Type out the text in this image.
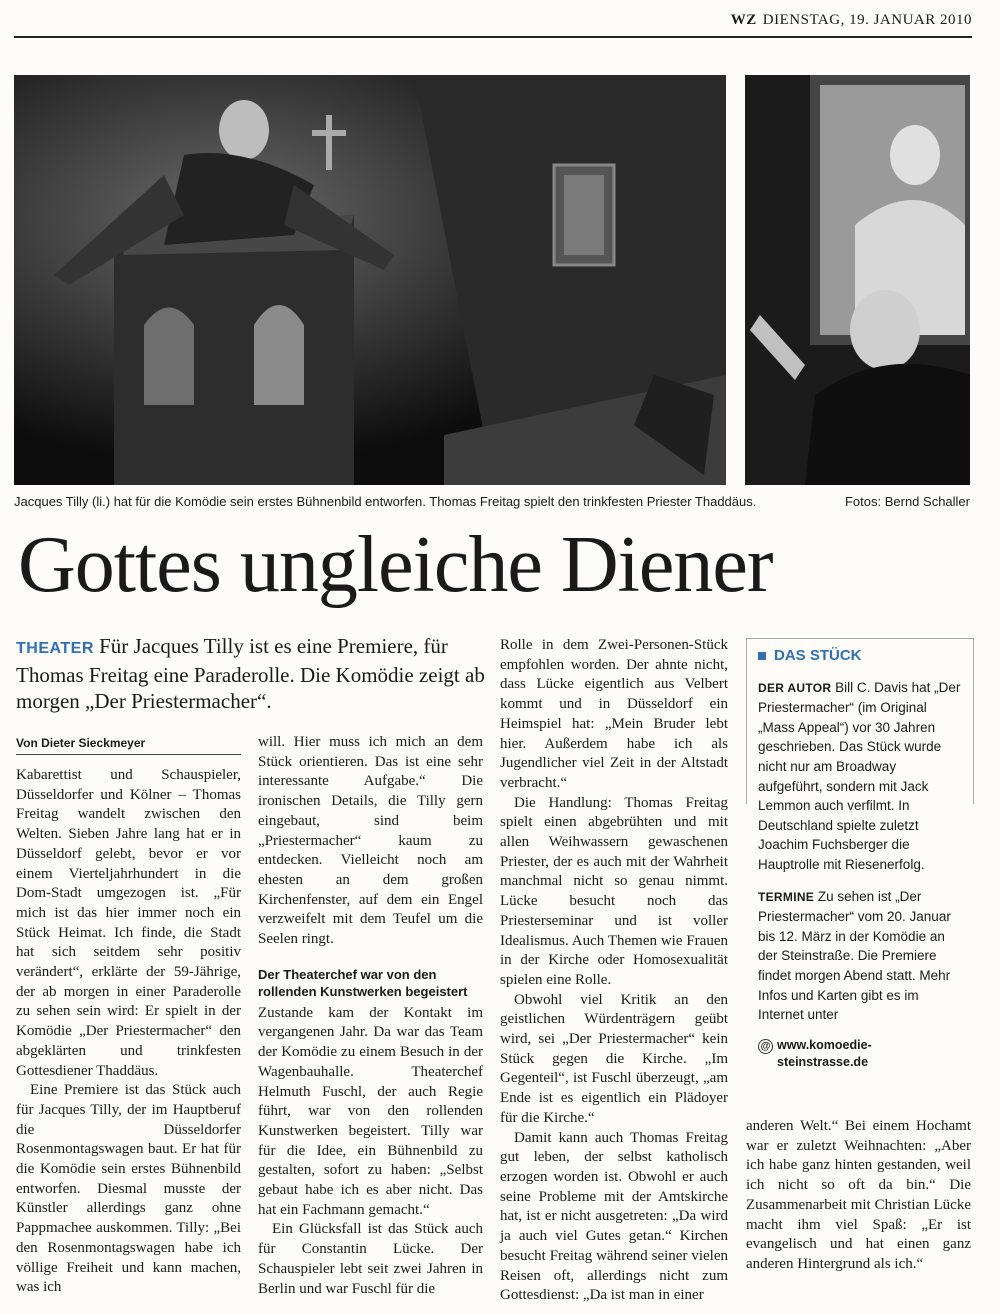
WZ DIENSTAG, 19. JANUAR 2010
Jacques Tilly (li.) hat für die Komödie sein erstes Bühnenbild entworfen. Thomas Freitag spielt den trinkfesten Priester Thaddäus.	Fotos: Bernd Schaller
Gottes ungleiche Diener
THEATER Für Jacques Tilly ist es eine Premiere, für Thomas Freitag eine Paraderolle. Die Komödie zeigt ab morgen „Der Priestermacher“.
Von Dieter Sieckmeyer

Kabarettist und Schauspieler, Düsseldorfer und Kölner – Thomas Freitag wandelt zwischen den Welten. Sieben Jahre lang hat er in Düsseldorf gelebt, bevor er vor einem Vierteljahrhundert in die Dom-Stadt umgezogen ist. „Für mich ist das hier immer noch ein Stück Heimat. Ich finde, die Stadt hat sich seitdem sehr positiv verändert“, erklärte der 59-Jährige, der ab morgen in einer Paraderolle zu sehen sein wird: Er spielt in der Komödie „Der Priestermacher“ den abgeklärten und trinkfesten Gottesdiener Thaddäus.

Eine Premiere ist das Stück auch für Jacques Tilly, der im Hauptberuf die Düsseldorfer Rosenmontagswagen baut. Er hat für die Komödie sein erstes Bühnenbild entworfen. Diesmal musste der Künstler allerdings ganz ohne Pappmachee auskommen. Tilly: „Bei den Rosenmontagswagen habe ich völlige Freiheit und kann machen, was ich

will. Hier muss ich mich an dem Stück orientieren. Das ist eine sehr interessante Aufgabe.“ Die ironischen Details, die Tilly gern eingebaut, sind beim „Priestermacher“ kaum zu entdecken. Vielleicht noch am ehesten an dem großen Kirchenfenster, auf dem ein Engel verzweifelt mit dem Teufel um die Seelen ringt.

Der Theaterchef war von den rollenden Kunstwerken begeistert

Zustande kam der Kontakt im vergangenen Jahr. Da war das Team der Komödie zu einem Besuch in der Wagenbauhalle. Theaterchef Helmuth Fuschl, der auch Regie führt, war von den rollenden Kunstwerken begeistert. Tilly war für die Idee, ein Bühnenbild zu gestalten, sofort zu haben: „Selbst gebaut habe ich es aber nicht. Das hat ein Fachmann gemacht.“

Ein Glücksfall ist das Stück auch für Constantin Lücke. Der Schauspieler lebt seit zwei Jahren in Berlin und war Fuschl für die

Rolle in dem Zwei-Personen-Stück empfohlen worden. Der ahnte nicht, dass Lücke eigentlich aus Velbert kommt und in Düsseldorf ein Heimspiel hat: „Mein Bruder lebt hier. Außerdem habe ich als Jugendlicher viel Zeit in der Altstadt verbracht.“

Die Handlung: Thomas Freitag spielt einen abgebrühten und mit allen Weihwassern gewaschenen Priester, der es auch mit der Wahrheit manchmal nicht so genau nimmt. Lücke besucht noch das Priesterseminar und ist voller Idealismus. Auch Themen wie Frauen in der Kirche oder Homosexualität spielen eine Rolle.

Obwohl viel Kritik an den geistlichen Würdenträgern geübt wird, sei „Der Priestermacher“ kein Stück gegen die Kirche. „Im Gegenteil“, ist Fuschl überzeugt, „am Ende ist es eigentlich ein Plädoyer für die Kirche.“

Damit kann auch Thomas Freitag gut leben, der selbst katholisch erzogen worden ist. Obwohl er auch seine Probleme mit der Amtskirche hat, ist er nicht ausgetreten: „Da wird ja auch viel Gutes getan.“ Kirchen besucht Freitag während seiner vielen Reisen oft, allerdings nicht zum Gottesdienst: „Da ist man in einer

DAS STÜCK

DER AUTOR Bill C. Davis hat „Der Priestermacher“ (im Original „Mass Appeal“) vor 30 Jahren geschrieben. Das Stück wurde nicht nur am Broadway aufgeführt, sondern mit Jack Lemmon auch verfilmt. In Deutschland spielte zuletzt Joachim Fuchsberger die Hauptrolle mit Riesenerfolg.

TERMINE Zu sehen ist „Der Priestermacher“ vom 20. Januar bis 12. März in der Komödie an der Steinstraße. Die Premiere findet morgen Abend statt. Mehr Infos und Karten gibt es im Internet unter

@ www.komoedie-
steinstrasse.de

anderen Welt.“ Bei einem Hochamt war er zuletzt Weihnachten: „Aber ich habe ganz hinten gestanden, weil ich nicht so oft da bin.“ Die Zusammenarbeit mit Christian Lücke macht ihm viel Spaß: „Er ist evangelisch und hat einen ganz anderen Hintergrund als ich.“
